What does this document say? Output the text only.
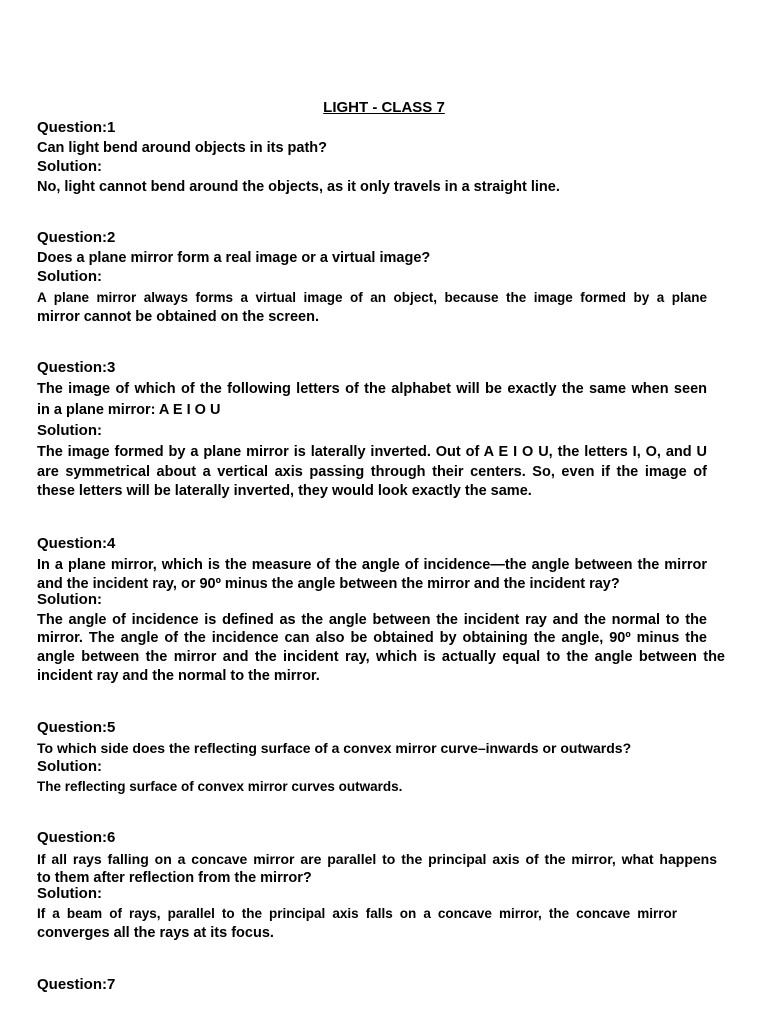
LIGHT - CLASS 7
Question:1
Can light bend around objects in its path?
Solution:
No, light cannot bend around the objects, as it only travels in a straight line.
Question:2
Does a plane mirror form a real image or a virtual image?
Solution:
A plane mirror always forms a virtual image of an object, because the image formed by a plane
mirror cannot be obtained on the screen.
Question:3
The image of which of the following letters of the alphabet will be exactly the same when seen
in a plane mirror: A E I O U
Solution:
The image formed by a plane mirror is laterally inverted. Out of A E I O U, the letters I, O, and U
are symmetrical about a vertical axis passing through their centers. So, even if the image of
these letters will be laterally inverted, they would look exactly the same.
Question:4
In a plane mirror, which is the measure of the angle of incidence—the angle between the mirror
and the incident ray, or 90º minus the angle between the mirror and the incident ray?
Solution:
The angle of incidence is defined as the angle between the incident ray and the normal to the
mirror. The angle of the incidence can also be obtained by obtaining the angle, 90º minus the
angle between the mirror and the incident ray, which is actually equal to the angle between the
incident ray and the normal to the mirror.
Question:5
To which side does the reflecting surface of a convex mirror curve–inwards or outwards?
Solution:
The reflecting surface of convex mirror curves outwards.
Question:6
If all rays falling on a concave mirror are parallel to the principal axis of the mirror, what happens
to them after reflection from the mirror?
Solution:
If a beam of rays, parallel to the principal axis falls on a concave mirror, the concave mirror
converges all the rays at its focus.
Question:7
